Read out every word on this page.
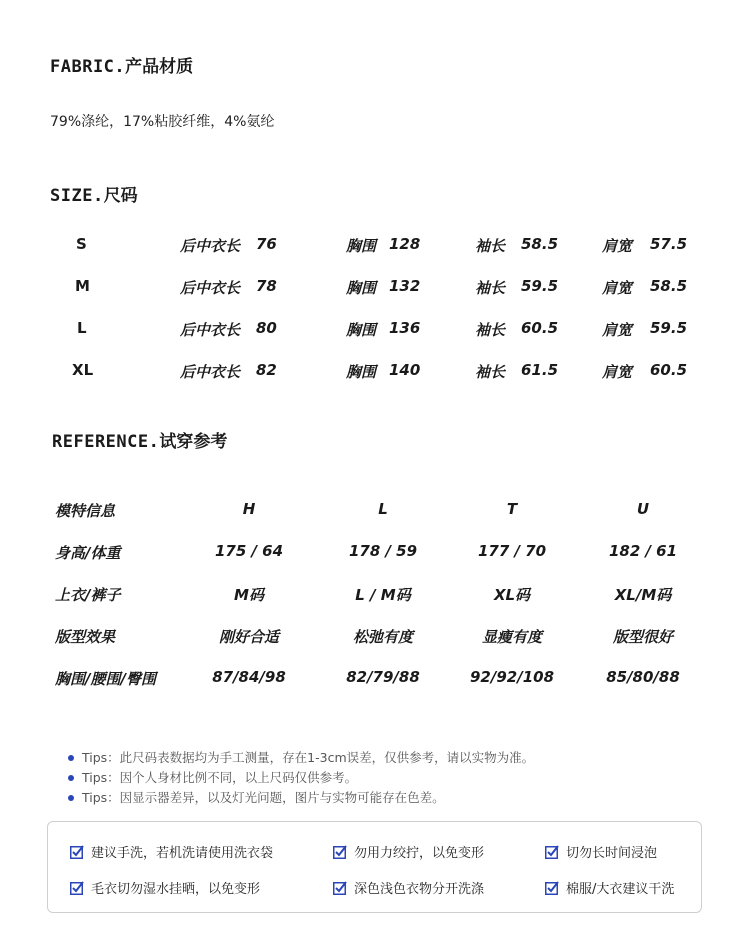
FABRIC.产品材质
79%涤纶，17%粘胶纤维，4%氨纶
SIZE.尺码
S	后中衣长 76	胸围 128	袖长 58.5	肩宽 57.5
M	后中衣长 78	胸围 132	袖长 59.5	肩宽 58.5
L	后中衣长 80	胸围 136	袖长 60.5	肩宽 59.5
XL	后中衣长 82	胸围 140	袖长 61.5	肩宽 60.5
REFERENCE.试穿参考
模特信息	H	L	T	U
身高/体重	175 / 64	178 / 59	177 / 70	182 / 61
上衣/裤子	M码	L / M码	XL码	XL/M码
版型效果	刚好合适	松弛有度	显瘦有度	版型很好
胸围/腰围/臀围	87/84/98	82/79/88	92/92/108	85/80/88
Tips：此尺码表数据均为手工测量，存在1-3cm误差，仅供参考，请以实物为准。
Tips：因个人身材比例不同，以上尺码仅供参考。
Tips：因显示器差异，以及灯光问题，图片与实物可能存在色差。
建议手洗，若机洗请使用洗衣袋	勿用力绞拧，以免变形	切勿长时间浸泡
毛衣切勿湿水挂晒，以免变形	深色浅色衣物分开洗涤	棉服/大衣建议干洗
